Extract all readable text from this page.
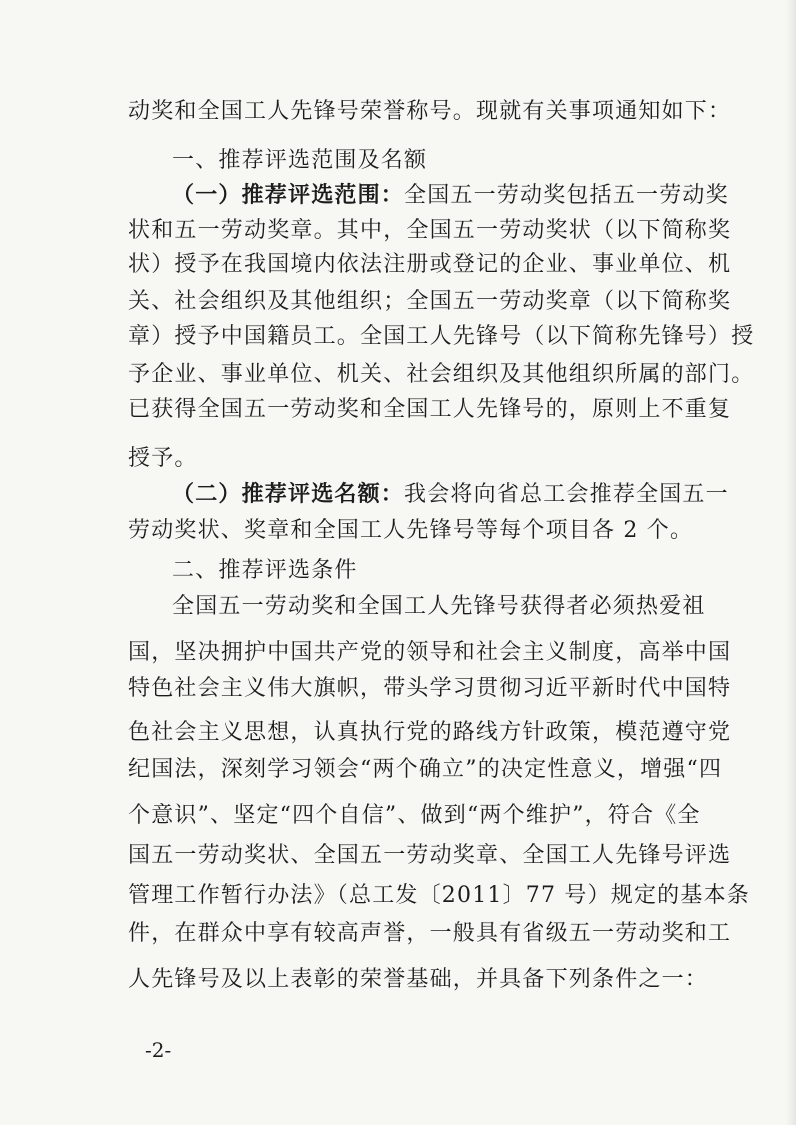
动奖和全国工人先锋号荣誉称号。现就有关事项通知如下：
一、推荐评选范围及名额
（一）推荐评选范围：全国五一劳动奖包括五一劳动奖
状和五一劳动奖章。其中，全国五一劳动奖状（以下简称奖
状）授予在我国境内依法注册或登记的企业、事业单位、机
关、社会组织及其他组织；全国五一劳动奖章（以下简称奖
章）授予中国籍员工。全国工人先锋号（以下简称先锋号）授
予企业、事业单位、机关、社会组织及其他组织所属的部门。
已获得全国五一劳动奖和全国工人先锋号的，原则上不重复
授予。
（二）推荐评选名额：我会将向省总工会推荐全国五一
劳动奖状、奖章和全国工人先锋号等每个项目各 2 个。
二、推荐评选条件
全国五一劳动奖和全国工人先锋号获得者必须热爱祖
国，坚决拥护中国共产党的领导和社会主义制度，高举中国
特色社会主义伟大旗帜，带头学习贯彻习近平新时代中国特
色社会主义思想，认真执行党的路线方针政策，模范遵守党
纪国法，深刻学习领会“两个确立”的决定性意义，增强“四
个意识”、坚定“四个自信”、做到“两个维护”，符合《全
国五一劳动奖状、全国五一劳动奖章、全国工人先锋号评选
管理工作暂行办法》（总工发〔2011〕77 号）规定的基本条
件，在群众中享有较高声誉，一般具有省级五一劳动奖和工
人先锋号及以上表彰的荣誉基础，并具备下列条件之一：
-2-
